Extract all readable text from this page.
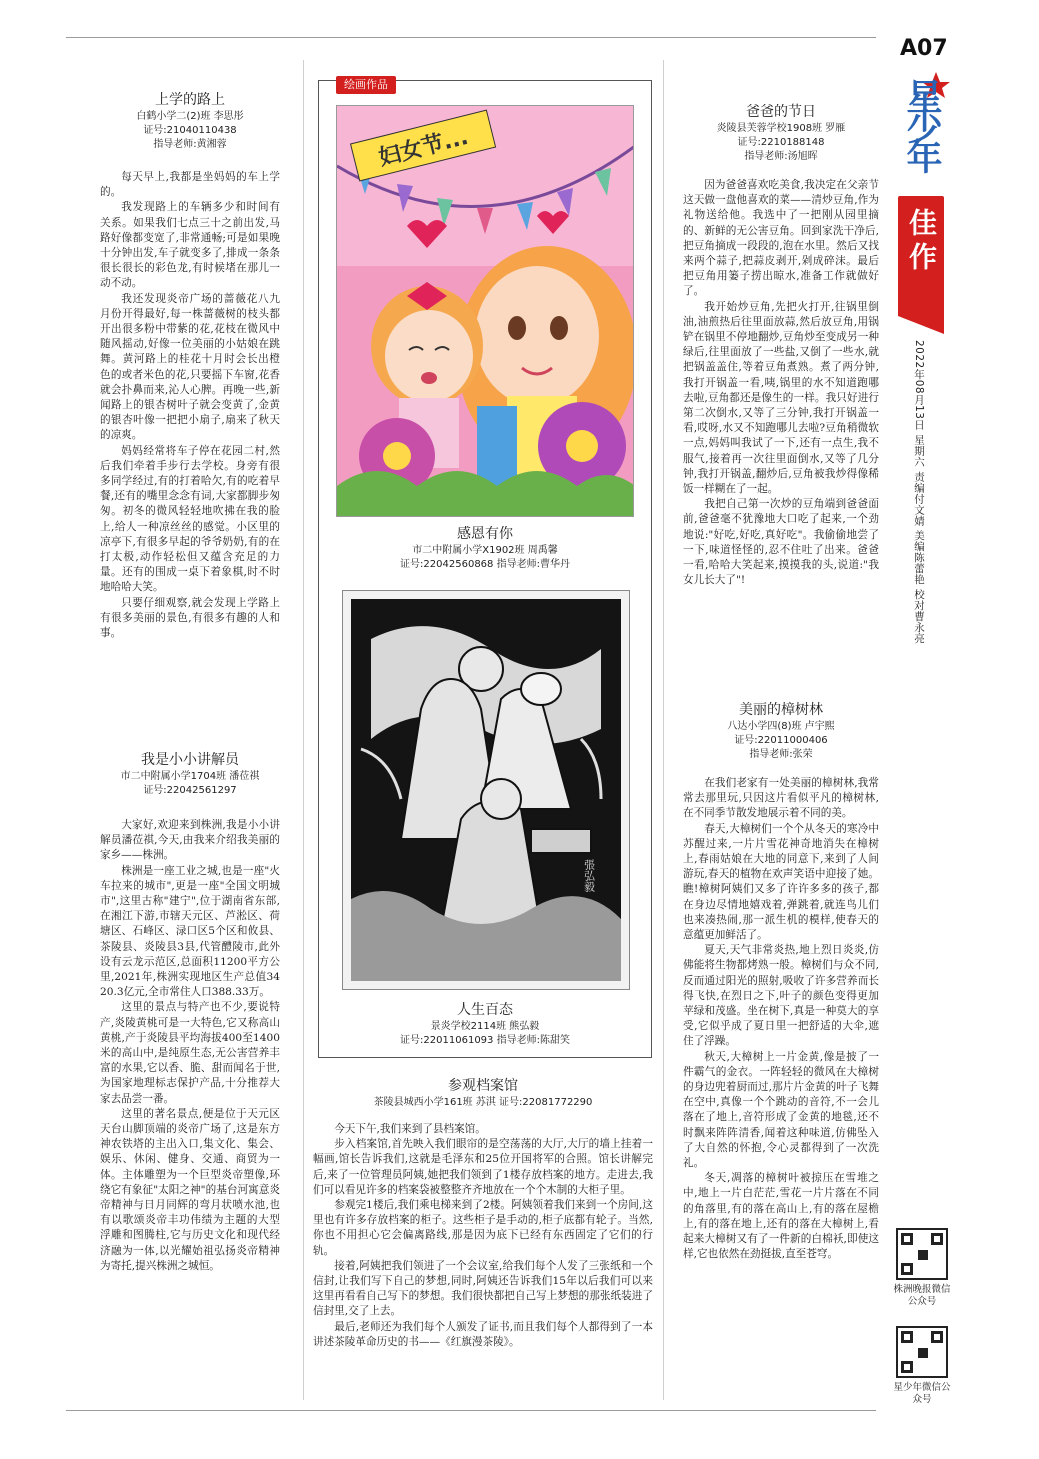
上学的路上
白鹤小学二(2)班 李思彤
证号:21040110438
指导老师:黄湘蓉

每天早上,我都是坐妈妈的车上学的。

我发现路上的车辆多少和时间有关系。如果我们七点三十之前出发,马路好像都变宽了,非常通畅;可是如果晚十分钟出发,车子就变多了,排成一条条很长很长的彩色龙,有时候堵在那儿一动不动。

我还发现炎帝广场的蔷薇花八九月份开得最好,每一株蔷薇树的枝头都开出很多粉中带紫的花,花枝在微风中随风摇动,好像一位美丽的小姑娘在跳舞。黄河路上的桂花十月时会长出橙色的或者米色的花,只要摇下车窗,花香就会扑鼻而来,沁人心脾。再晚一些,新闻路上的银杏树叶子就会变黄了,金黄的银杏叶像一把把小扇子,扇来了秋天的凉爽。

妈妈经常将车子停在花园二村,然后我们牵着手步行去学校。身旁有很多同学经过,有的打着哈欠,有的吃着早餐,还有的嘴里念念有词,大家都脚步匆匆。初冬的微风轻轻地吹拂在我的脸上,给人一种凉丝丝的感觉。小区里的凉亭下,有很多早起的爷爷奶奶,有的在打太极,动作轻松但又蕴含充足的力量。还有的围成一桌下着象棋,时不时地哈哈大笑。

只要仔细观察,就会发现上学路上有很多美丽的景色,有很多有趣的人和事。

我是小小讲解员
市二中附属小学1704班 潘莅祺
证号:22042561297

大家好,欢迎来到株洲,我是小小讲解员潘莅祺,今天,由我来介绍我美丽的家乡——株洲。

株洲是一座工业之城,也是一座"火车拉来的城市",更是一座"全国文明城市",这里古称"建宁",位于湖南省东部,在湘江下游,市辖天元区、芦淞区、荷塘区、石峰区、渌口区5个区和攸县、茶陵县、炎陵县3县,代管醴陵市,此外设有云龙示范区,总面积11200平方公里,2021年,株洲实现地区生产总值3420.3亿元,全市常住人口388.33万。

这里的景点与特产也不少,要说特产,炎陵黄桃可是一大特色,它又称高山黄桃,产于炎陵县平均海拔400至1400米的高山中,是纯原生态,无公害营养丰富的水果,它以香、脆、甜而闻名于世,为国家地理标志保护产品,十分推荐大家去品尝一番。

这里的著名景点,便是位于天元区天台山脚顶端的炎帝广场了,这是东方神农铁塔的主出入口,集文化、集会、娱乐、休闲、健身、交通、商贸为一体。主体雕塑为一个巨型炎帝塑像,环绕它有象征"太阳之神"的基台河寓意炎帝精神与日月同辉的弯月状喷水池,也有以歌颂炎帝丰功伟绩为主题的大型浮雕和图腾柱,它与历史文化和现代经济融为一体,以光耀始祖弘扬炎帝精神为寄托,提兴株洲之城恒。

绘画作品
妇女节...
感恩有你
市二中附属小学X1902班 周禹馨
证号:22042560868 指导老师:曹华丹
張弘毅
人生百态
景炎学校2114班 熊弘毅
证号:22011061093 指导老师:陈甜笑
参观档案馆
茶陵县城西小学161班 苏淇 证号:22081772290

今天下午,我们来到了县档案馆。

步入档案馆,首先映入我们眼帘的是空荡荡的大厅,大厅的墙上挂着一幅画,馆长告诉我们,这就是毛泽东和25位开国将军的合照。馆长讲解完后,来了一位管理员阿姨,她把我们领到了1楼存放档案的地方。走进去,我们可以看见许多的档案袋被整整齐齐地放在一个个木制的大柜子里。

参观完1楼后,我们乘电梯来到了2楼。阿姨领着我们来到一个房间,这里也有许多存放档案的柜子。这些柜子是手动的,柜子底都有轮子。当然,你也不用担心它会偏离路线,那是因为底下已经有东西固定了它们的行轨。

接着,阿姨把我们领进了一个会议室,给我们每个人发了三张纸和一个信封,让我们写下自己的梦想,同时,阿姨还告诉我们15年以后我们可以来这里再看看自己写下的梦想。我们很快都把自己写上梦想的那张纸装进了信封里,交了上去。

最后,老师还为我们每个人颁发了证书,而且我们每个人都得到了一本讲述茶陵革命历史的书——《红旗漫茶陵》。

爸爸的节日
炎陵县芙蓉学校1908班 罗雁
证号:2210188148
指导老师:汤旭晖

因为爸爸喜欢吃美食,我决定在父亲节这天做一盘他喜欢的菜——清炒豆角,作为礼物送给他。我选中了一把刚从园里摘的、新鲜的无公害豆角。回到家洗干净后,把豆角摘成一段段的,泡在水里。然后又找来两个蒜子,把蒜皮剥开,剁成碎沫。最后把豆角用篓子捞出晾水,准备工作就做好了。

我开始炒豆角,先把火打开,往锅里倒油,油煎热后往里面放蒜,然后放豆角,用锅铲在锅里不停地翻炒,豆角炒至变成另一种绿后,往里面放了一些盐,又倒了一些水,就把锅盖盖住,等着豆角煮熟。煮了两分钟,我打开锅盖一看,咦,锅里的水不知道跑哪去啦,豆角都还是像生的一样。我只好进行第二次倒水,又等了三分钟,我打开锅盖一看,哎呀,水又不知跑哪儿去啦?豆角稍微软一点,妈妈叫我试了一下,还有一点生,我不服气,接着再一次往里面倒水,又等了几分钟,我打开锅盖,翻炒后,豆角被我炒得像稀饭一样糊在了一起。

我把自己第一次炒的豆角端到爸爸面前,爸爸毫不犹豫地大口吃了起来,一个劲地说:"好吃,好吃,真好吃"。我偷偷地尝了一下,味道怪怪的,忍不住吐了出来。爸爸一看,哈哈大笑起来,摸摸我的头,说道:"我女儿长大了"!

美丽的樟树林
八达小学四(8)班 卢宇熙
证号:22011000406
指导老师:张荣

在我们老家有一处美丽的樟树林,我常常去那里玩,只因这片看似平凡的樟树林,在不同季节散发地展示着不同的美。

春天,大樟树们一个个从冬天的寒冷中苏醒过来,一片片雪花神奇地消失在樟树上,春雨姑娘在大地的同意下,来到了人间游玩,春天的植物在欢声笑语中迎接了她。瞧!樟树阿姨们又多了许许多多的孩子,都在身边尽情地嬉戏着,弹跳着,就连鸟儿们也来凑热闹,那一派生机的模样,使春天的意蕴更加鲜活了。

夏天,天气非常炎热,地上烈日炎炎,仿佛能将生物都烤熟一般。樟树们与众不同,反而通过阳光的照射,吸收了许多营养而长得飞快,在烈日之下,叶子的颜色变得更加苹绿和茂盛。坐在树下,真是一种莫大的享受,它似乎成了夏日里一把舒适的大伞,遮住了浮躁。

秋天,大樟树上一片金黄,像是披了一件霸气的金衣。一阵轻轻的微风在大樟树的身边兜着厨而过,那片片金黄的叶子飞舞在空中,真像一个个跳动的音符,不一会儿落在了地上,音符形成了金黄的地毯,还不时飘来阵阵清香,闻着这种味道,仿佛坠入了大自然的怀抱,令心灵都得到了一次洗礼。

冬天,凋落的樟树叶被掠压在雪堆之中,地上一片白茫茫,雪花一片片落在不同的角落里,有的落在高山上,有的落在屋檐上,有的落在地上,还有的落在大樟树上,看起来大樟树又有了一件新的白棉袄,即使这样,它也依然在劲挺拔,直至苍穹。

A07
星少年
佳作
2022年08月13日 星期六 责编付文婧 美编陈蕾艳 校对曹永亮
株洲晚报微信公众号
星少年微信公众号
